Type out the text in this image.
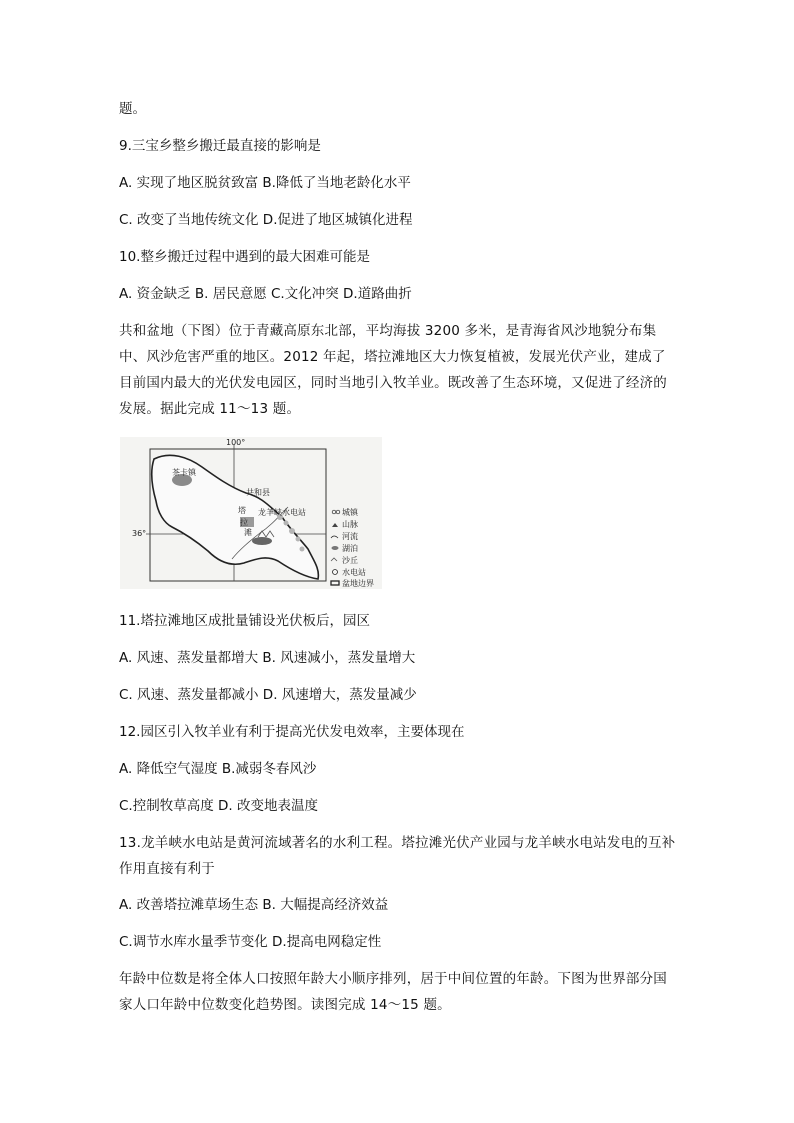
题。
9.三宝乡整乡搬迁最直接的影响是
A. 实现了地区脱贫致富 B.降低了当地老龄化水平
C. 改变了当地传统文化 D.促进了地区城镇化进程
10.整乡搬迁过程中遇到的最大困难可能是
A. 资金缺乏 B. 居民意愿 C.文化冲突 D.道路曲折
共和盆地（下图）位于青藏高原东北部，平均海拔 3200 多米，是青海省风沙地貌分布集中、风沙危害严重的地区。2012 年起，塔拉滩地区大力恢复植被，发展光伏产业，建成了目前国内最大的光伏发电园区，同时当地引入牧羊业。既改善了生态环境，又促进了经济的发展。据此完成 11～13 题。
100°
36°
茶卡镇
共和县
塔
拉
滩
龙羊峡水电站	城镇
山脉
河流
湖泊
沙丘
水电站
盆地边界
11.塔拉滩地区成批量铺设光伏板后，园区
A. 风速、蒸发量都增大 B. 风速减小，蒸发量增大
C. 风速、蒸发量都减小 D. 风速增大，蒸发量减少
12.园区引入牧羊业有利于提高光伏发电效率，主要体现在
A. 降低空气湿度 B.减弱冬春风沙
C.控制牧草高度 D. 改变地表温度
13.龙羊峡水电站是黄河流域著名的水利工程。塔拉滩光伏产业园与龙羊峡水电站发电的互补作用直接有利于
A. 改善塔拉滩草场生态 B. 大幅提高经济效益
C.调节水库水量季节变化 D.提高电网稳定性
年龄中位数是将全体人口按照年龄大小顺序排列，居于中间位置的年龄。下图为世界部分国家人口年龄中位数变化趋势图。读图完成 14～15 题。
